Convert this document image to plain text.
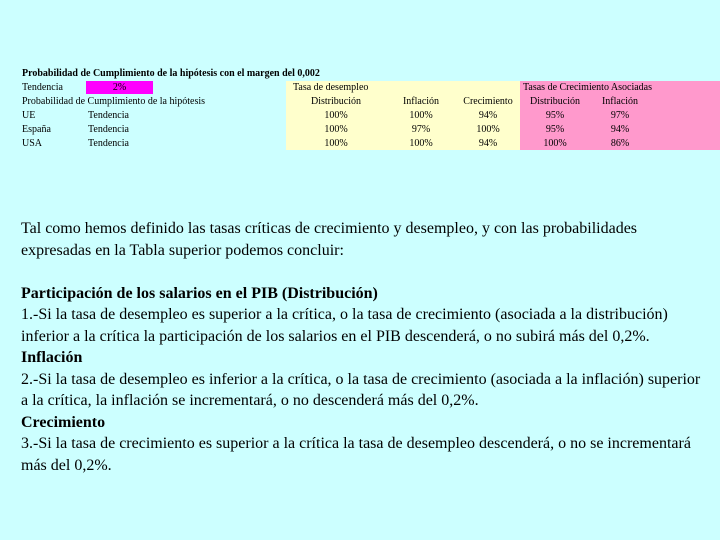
Probabilidad de Cumplimiento de la hipótesis con el margen del 0,002
Tendencia	2%	Tasa de desempleo	Tasas de Crecimiento Asociadas
Probabilidad de Cumplimiento de la hipótesis	Distribución	Inflación	Crecimiento	Distribución	Inflación
UE	Tendencia	100%	100%	94%	95%	97%
España	Tendencia	100%	97%	100%	95%	94%
USA	Tendencia	100%	100%	94%	100%	86%

Tal como hemos definido las tasas críticas de crecimiento y desempleo, y con las probabilidades expresadas en la Tabla superior podemos concluir:

Participación de los salarios en el PIB (Distribución)

1.-Si la tasa de desempleo es superior a la crítica, o la tasa de crecimiento (asociada a la distribución) inferior a la crítica la participación de los salarios en el PIB descenderá, o no subirá más del 0,2%.

Inflación

2.-Si la tasa de desempleo es inferior a la crítica, o la tasa de crecimiento (asociada a la inflación) superior a la crítica, la inflación se incrementará, o no descenderá más del 0,2%.

Crecimiento

3.-Si la tasa de crecimiento es superior a la crítica la tasa de desempleo descenderá, o no se incrementará más del 0,2%.
